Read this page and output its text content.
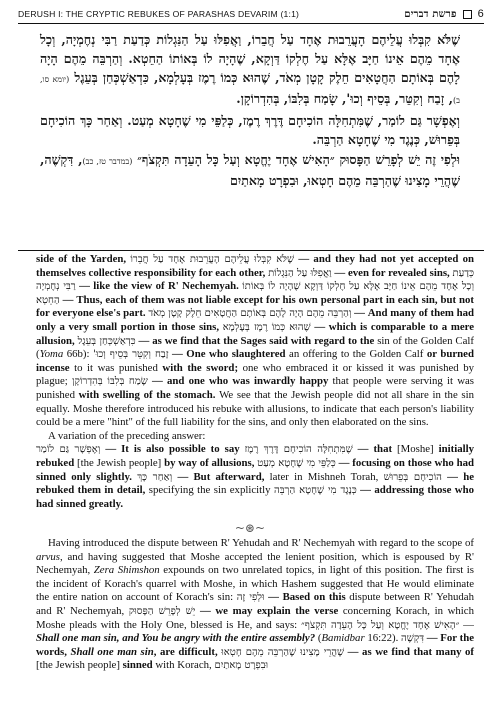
DERUSH I: THE CRYPTIC REBUKES OF PARASHAS DEVARIM (1:1)	פרשת דברים 6

שֶׁלֹּא קִבְּלוּ עֲלֵיהֶם הָעֲרֵבוּת אֶחָד עַל חֲבֵרוֹ, וַאֲפִלּוּ עַל הַנִּגְלוֹת כְּדַעַת רַבִּי נְחֶמְיָה, וְכָל אֶחָד מֵהֶם אֵינוֹ חַיָּב אֶלָּא עַל חֶלְקוֹ דַּוְקָא, שֶׁהָיָה לוֹ בְּאוֹתוֹ הַחֵטְא. וְהַרְבֵּה מֵהֶם הָיָה לָהֶם בְּאוֹתָם הַחֲטָאִים חֵלֶק קָטָן מְאֹד, שֶׁהוּא כְּמוֹ רֶמֶז בְּעָלְמָא, כִּדְאַשְׁכְּחַן בְּעֵגֶל (יומא סו, ב), זָבַח וְקִטֵּר, בְּסֵיף וְכוּ', שָׂמַח בְּלִבּוֹ, בְּהִדְרוֹקָן.

וְאֶפְשָׁר גַּם לוֹמַר, שֶׁמִּתְחִלָּה הוֹכִיחָם דֶּרֶךְ רֶמֶז, כְּלַפֵּי מִי שֶׁחָטָא מְעַט. וְאַחַר כָּךְ הוֹכִיחָם בְּפֵרוּשׁ, כְּנֶגֶד מִי שֶׁחָטָא הַרְבֵּה.

וּלְפִי זֶה יֵשׁ לְפָרֵשׁ הַפָּסוּק ״הָאִישׁ אֶחָד יֶחֱטָא וְעַל כָּל הָעֵדָה תִּקְצֹף״ (במדבר טז, כב), דִּקְשֶׁה, שֶׁהֲרֵי מָצִינוּ שֶׁהַרְבֵּה מֵהֶם חָטְאוּ, וּבִפְרָט מָאתַיִם

side of the Yarden, שֶׁלֹּא קִבְּלוּ עֲלֵיהֶם הָעֲרֵבוּת אֶחָד עַל חֲבֵרוֹ — and they had not yet accepted on themselves collective responsibility for each other, וַאֲפִלּוּ עַל הַנִּגְלוֹת — even for revealed sins, כְּדַעַת רַבִּי נְחֶמְיָה — like the view of R' Nechemyah. וְכָל אֶחָד מֵהֶם אֵינוֹ חַיָּב אֶלָּא עַל חֶלְקוֹ דַּוְקָא שֶׁהָיָה לוֹ בְּאוֹתוֹ הַחֵטְא — Thus, each of them was not liable except for his own personal part in each sin, but not for everyone else's part. וְהַרְבֵּה מֵהֶם הָיָה לָהֶם בְּאוֹתָם הַחֲטָאִים חֵלֶק קָטָן מְאֹד — And many of them had only a very small portion in those sins, שֶׁהוּא כְּמוֹ רֶמֶז בְּעָלְמָא — which is comparable to a mere allusion, כִּדְאַשְׁכְּחַן בְּעֵגֶל — as we find that the Sages said with regard to the sin of the Golden Calf (Yoma 66b): זָבַח וְקִטֵּר בְּסֵיף וְכוּ' — One who slaughtered an offering to the Golden Calf or burned incense to it was punished with the sword; one who embraced it or kissed it was punished by plague; שָׂמַח בְּלִבּוֹ בְּהִדְרוֹקָן — and one who was inwardly happy that people were serving it was punished with swelling of the stomach. We see that the Jewish people did not all share in the sin equally. Moshe therefore introduced his rebuke with allusions, to indicate that each person's liability could be a mere "hint" of the full liability for the sins, and only then elaborated on the sins.

A variation of the preceding answer:

וְאֶפְשָׁר גַּם לוֹמַר — It is also possible to say שֶׁמִּתְחִלָּה הוֹכִיחָם דֶּרֶךְ רֶמֶז — that [Moshe] initially rebuked [the Jewish people] by way of allusions, כְּלַפֵּי מִי שֶׁחָטָא מְעַט — focusing on those who had sinned only slightly. וְאַחַר כָּךְ — But afterward, later in Mishneh Torah, הוֹכִיחָם בְּפֵרוּשׁ — he rebuked them in detail, specifying the sin explicitly כְּנֶגֶד מִי שֶׁחָטָא הַרְבֵּה — addressing those who had sinned greatly.

~⊛~

Having introduced the dispute between R' Yehudah and R' Nechemyah with regard to the scope of arvus, and having suggested that Moshe accepted the lenient position, which is espoused by R' Nechemyah, Zera Shimshon expounds on two unrelated topics, in light of this position. The first is the incident of Korach's quarrel with Moshe, in which Hashem suggested that He would eliminate the entire nation on account of Korach's sin: וּלְפִי זֶה — Based on this dispute between R' Yehudah and R' Nechemyah, יֵשׁ לְפָרֵשׁ הַפָּסוּק — we may explain the verse concerning Korach, in which Moshe pleads with the Holy One, blessed is He, and says: ״הָאִישׁ אֶחָד יֶחֱטָא וְעַל כָּל הָעֵדָה תִּקְצֹף״ — Shall one man sin, and You be angry with the entire assembly? (Bamidbar 16:22). דִּקְשֶׁה — For the words, Shall one man sin, are difficult, שֶׁהֲרֵי מָצִינוּ שֶׁהַרְבֵּה מֵהֶם חָטְאוּ — as we find that many of [the Jewish people] sinned with Korach, וּבִפְרָט מָאתַיִם
